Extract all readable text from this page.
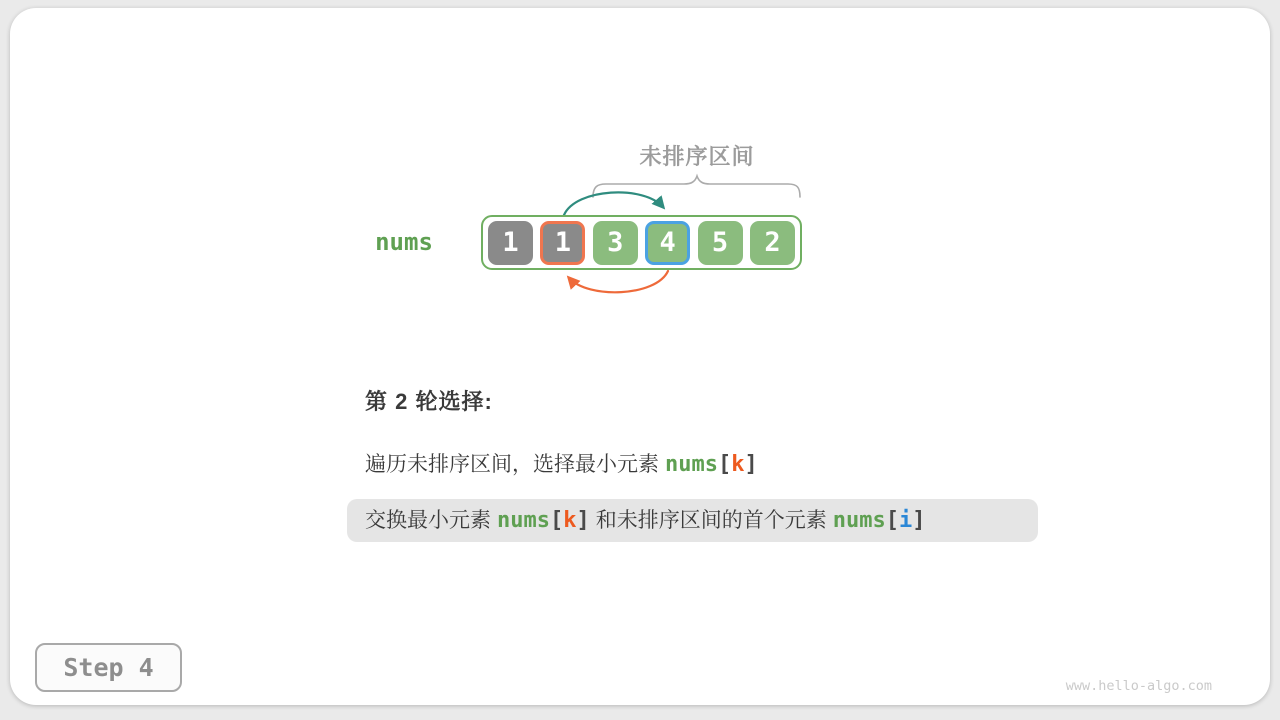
未排序区间
nums	1	1	3	4	5	2
第 2 轮选择:
遍历未排序区间，选择最小元素 nums[k]
交换最小元素 nums[k] 和未排序区间的首个元素 nums[i]
Step 4
www.hello-algo.com
